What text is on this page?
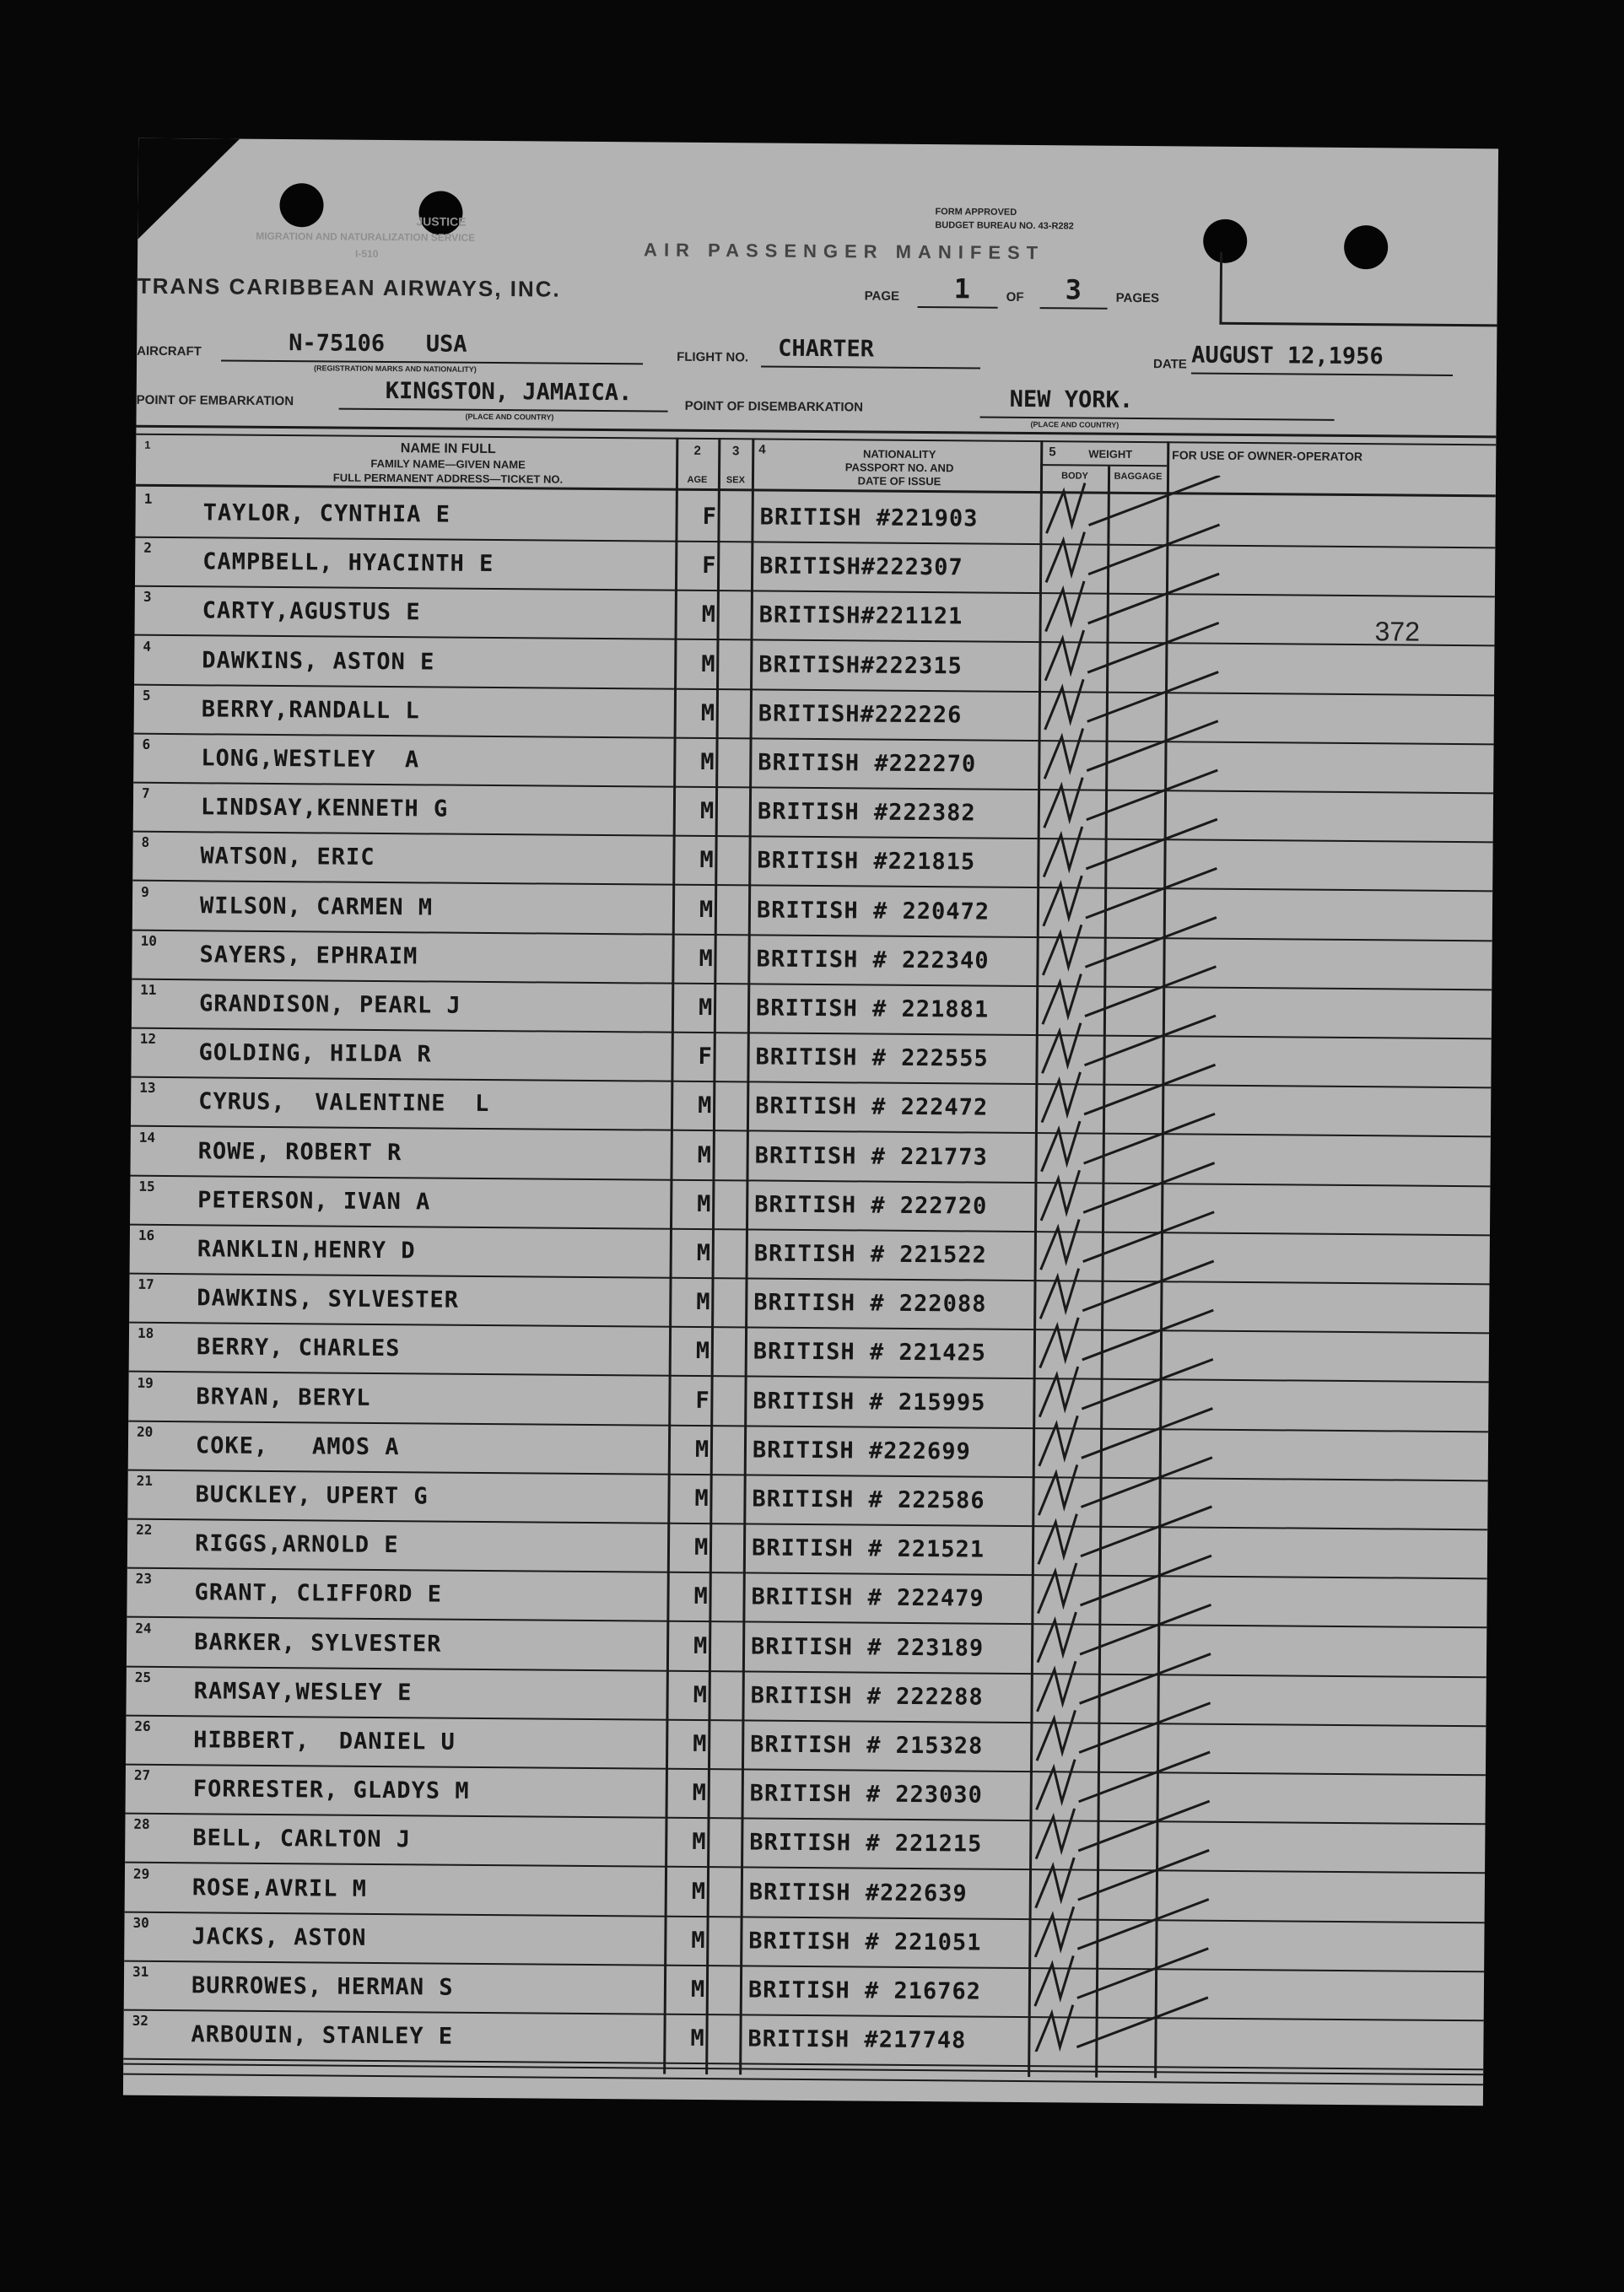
JUSTICE
MIGRATION AND NATURALIZATION SERVICE
I-510
FORM APPROVED
BUDGET BUREAU NO. 43-R282
AIR PASSENGER MANIFEST
TRANS CARIBBEAN AIRWAYS, INC.	PAGE 1	OF 3	PAGES
AIRCRAFT	N-75106   USA
(REGISTRATION MARKS AND NATIONALITY)
FLIGHT NO. CHARTER
DATE AUGUST 12,1956
POINT OF EMBARKATION	KINGSTON, JAMAICA.
(PLACE AND COUNTRY)
POINT OF DISEMBARKATION	NEW YORK.
(PLACE AND COUNTRY)
1	NAME IN FULL
FAMILY NAME—GIVEN NAME
FULL PERMANENT ADDRESS—TICKET NO.
2
AGE
3
SEX
4	NATIONALITY
PASSPORT NO. AND
DATE OF ISSUE
5	WEIGHT
BODY	BAGGAGE
FOR USE OF OWNER-OPERATOR
372
1
TAYLOR, CYNTHIA E	F BRITISH #221903
2
CAMPBELL, HYACINTH E	F BRITISH#222307
3
CARTY,AGUSTUS E	M BRITISH#221121
4
DAWKINS, ASTON E	M BRITISH#222315
5
BERRY,RANDALL L	M BRITISH#222226
6
LONG,WESTLEY  A	M BRITISH #222270
7
LINDSAY,KENNETH G	M BRITISH #222382
8
WATSON, ERIC	M BRITISH #221815
9
WILSON, CARMEN M	M BRITISH # 220472
10
SAYERS, EPHRAIM	M BRITISH # 222340
11
GRANDISON, PEARL J	M BRITISH # 221881
12
GOLDING, HILDA R	F BRITISH # 222555
13
CYRUS,  VALENTINE  L	M BRITISH # 222472
14
ROWE, ROBERT R	M BRITISH # 221773
15
PETERSON, IVAN A	M BRITISH # 222720
16
RANKLIN,HENRY D	M BRITISH # 221522
17
DAWKINS, SYLVESTER	M BRITISH # 222088
18
BERRY, CHARLES	M BRITISH # 221425
19
BRYAN, BERYL	F BRITISH # 215995
20
COKE,   AMOS A	M BRITISH #222699
21
BUCKLEY, UPERT G	M BRITISH # 222586
22
RIGGS,ARNOLD E	M BRITISH # 221521
23
GRANT, CLIFFORD E	M BRITISH # 222479
24
BARKER, SYLVESTER	M BRITISH # 223189
25
RAMSAY,WESLEY E	M BRITISH # 222288
26
HIBBERT,  DANIEL U	M BRITISH # 215328
27
FORRESTER, GLADYS M	M BRITISH # 223030
28
BELL, CARLTON J	M BRITISH # 221215
29
ROSE,AVRIL M	M BRITISH #222639
30
JACKS, ASTON	M BRITISH # 221051
31
BURROWES, HERMAN S	M BRITISH # 216762
32
ARBOUIN, STANLEY E	M BRITISH #217748
